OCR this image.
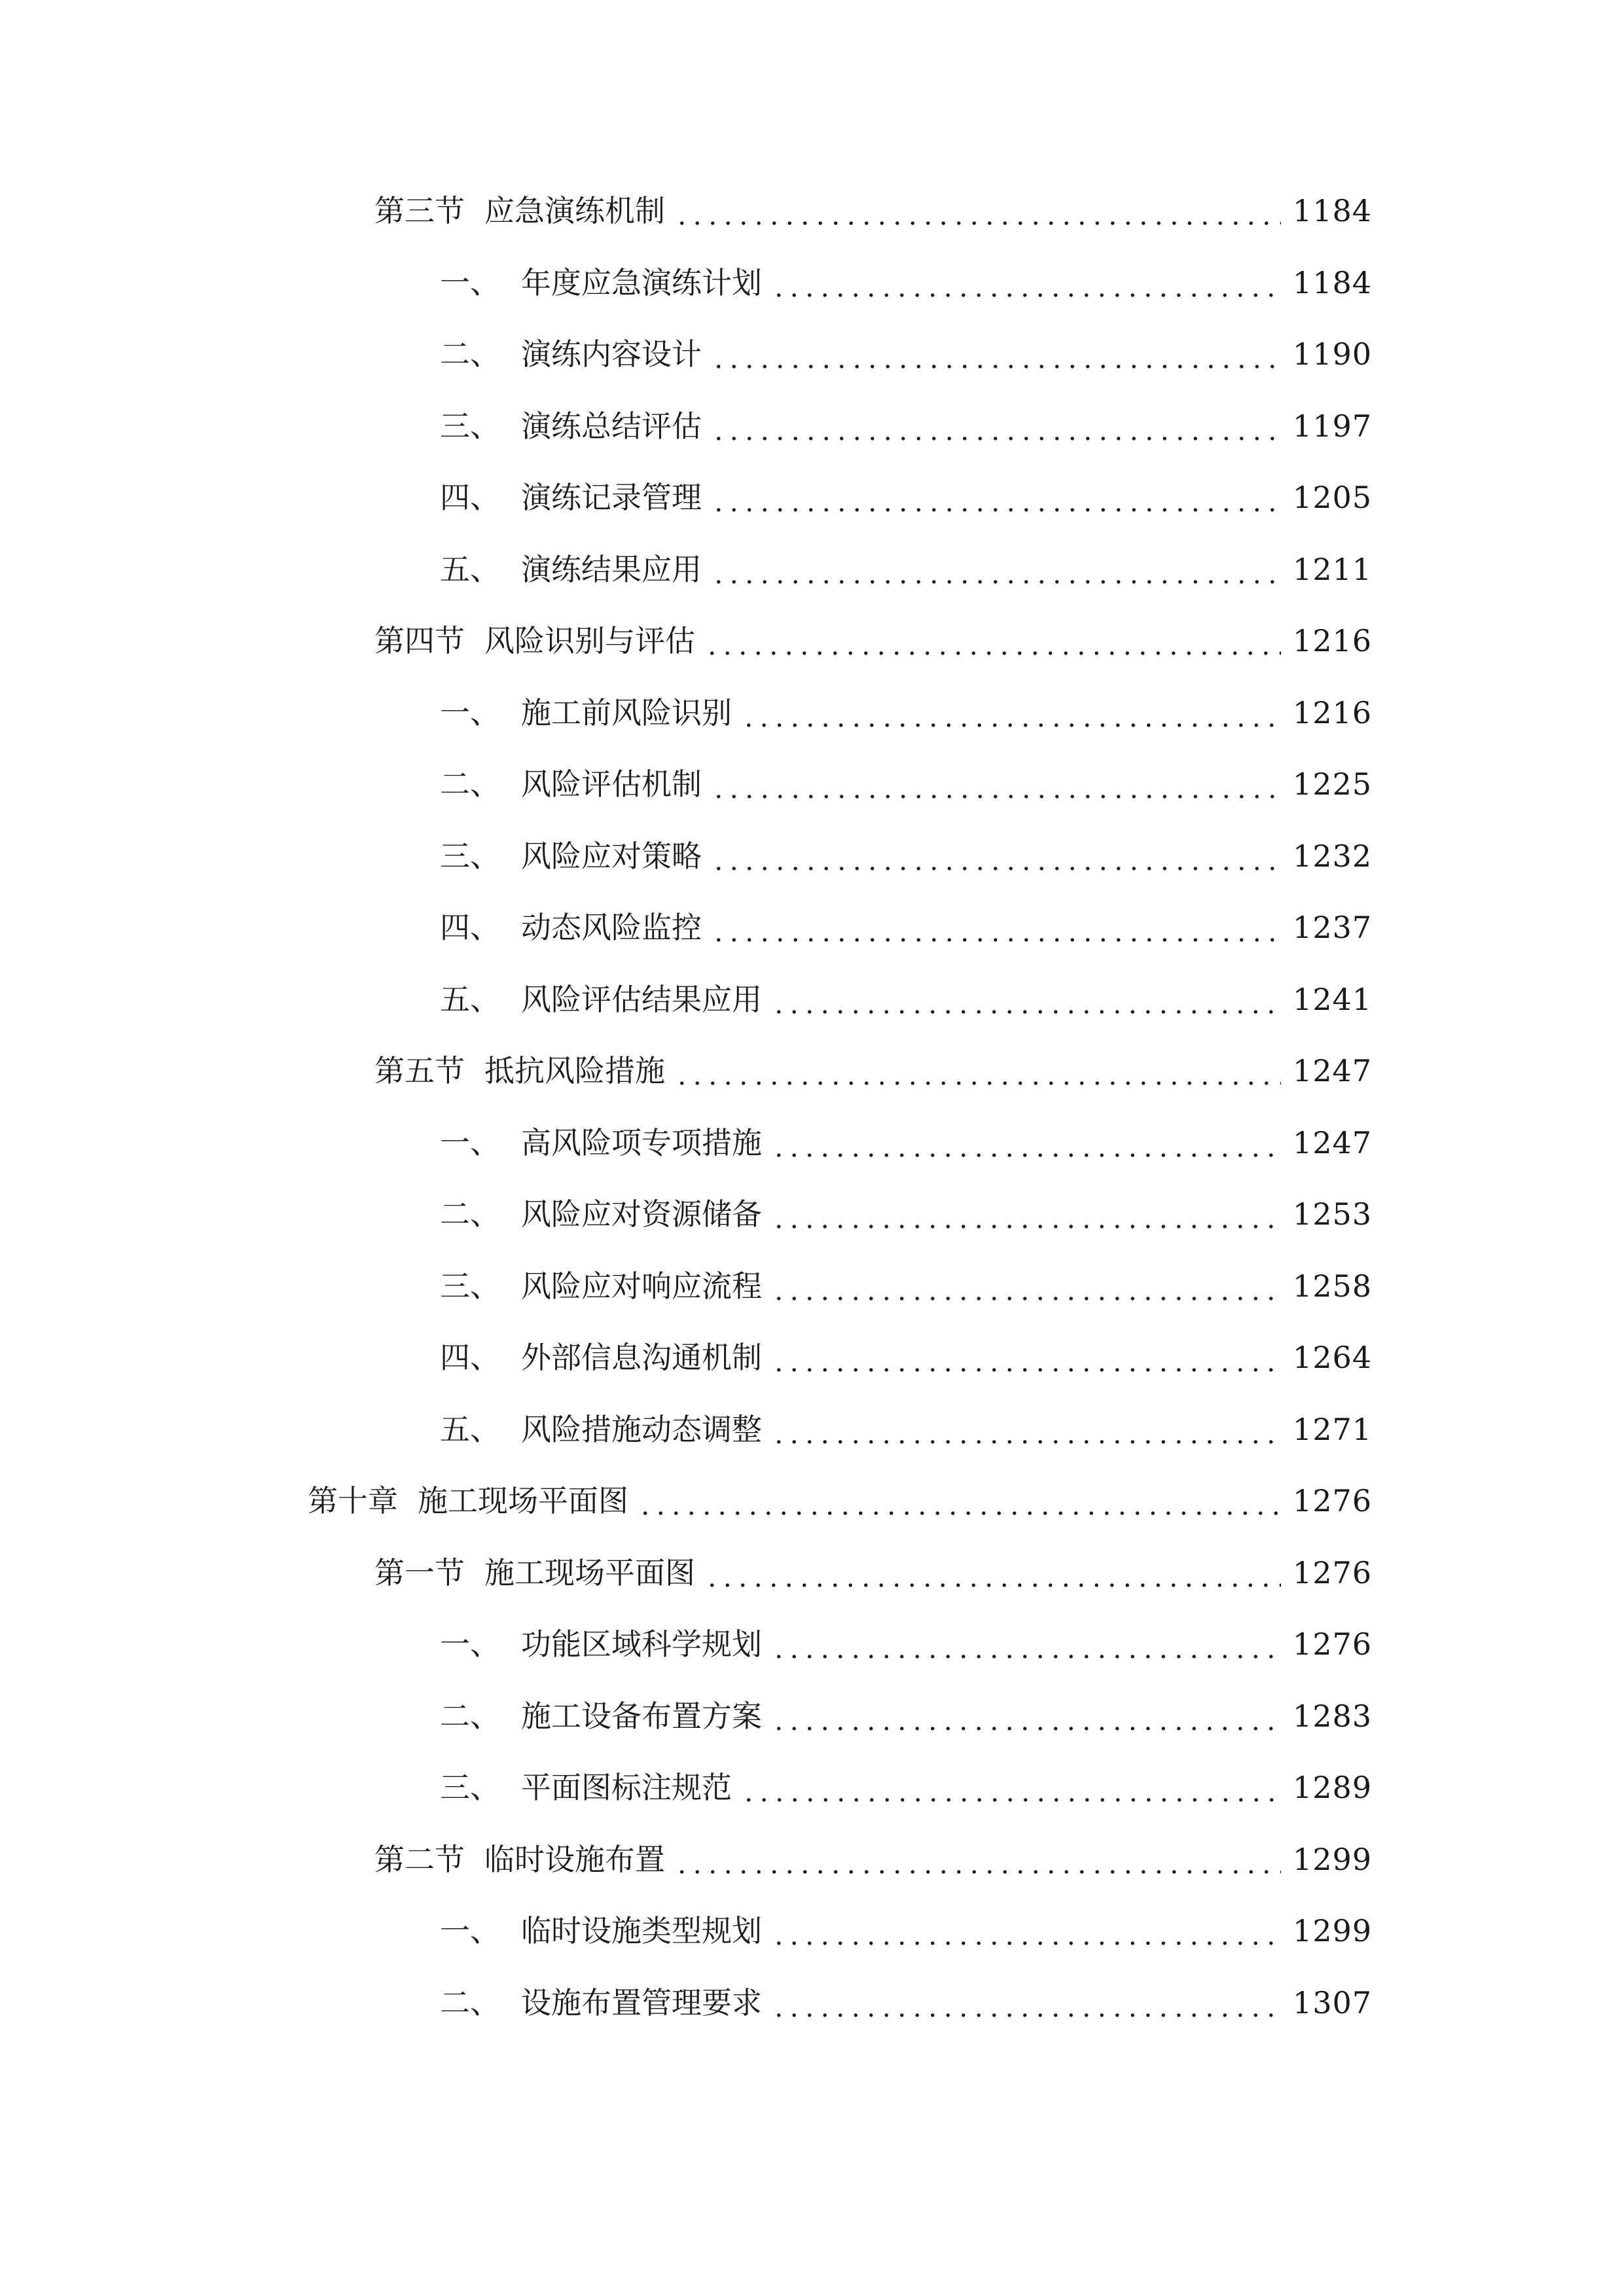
第三节 应急演练机制	1184
一、 年度应急演练计划	1184
二、 演练内容设计	1190
三、 演练总结评估	1197
四、 演练记录管理	1205
五、 演练结果应用	1211
第四节 风险识别与评估	1216
一、 施工前风险识别	1216
二、 风险评估机制	1225
三、 风险应对策略	1232
四、 动态风险监控	1237
五、 风险评估结果应用	1241
第五节 抵抗风险措施	1247
一、 高风险项专项措施	1247
二、 风险应对资源储备	1253
三、 风险应对响应流程	1258
四、 外部信息沟通机制	1264
五、 风险措施动态调整	1271
第十章 施工现场平面图	1276
第一节 施工现场平面图	1276
一、 功能区域科学规划	1276
二、 施工设备布置方案	1283
三、 平面图标注规范	1289
第二节 临时设施布置	1299
一、 临时设施类型规划	1299
二、 设施布置管理要求	1307
